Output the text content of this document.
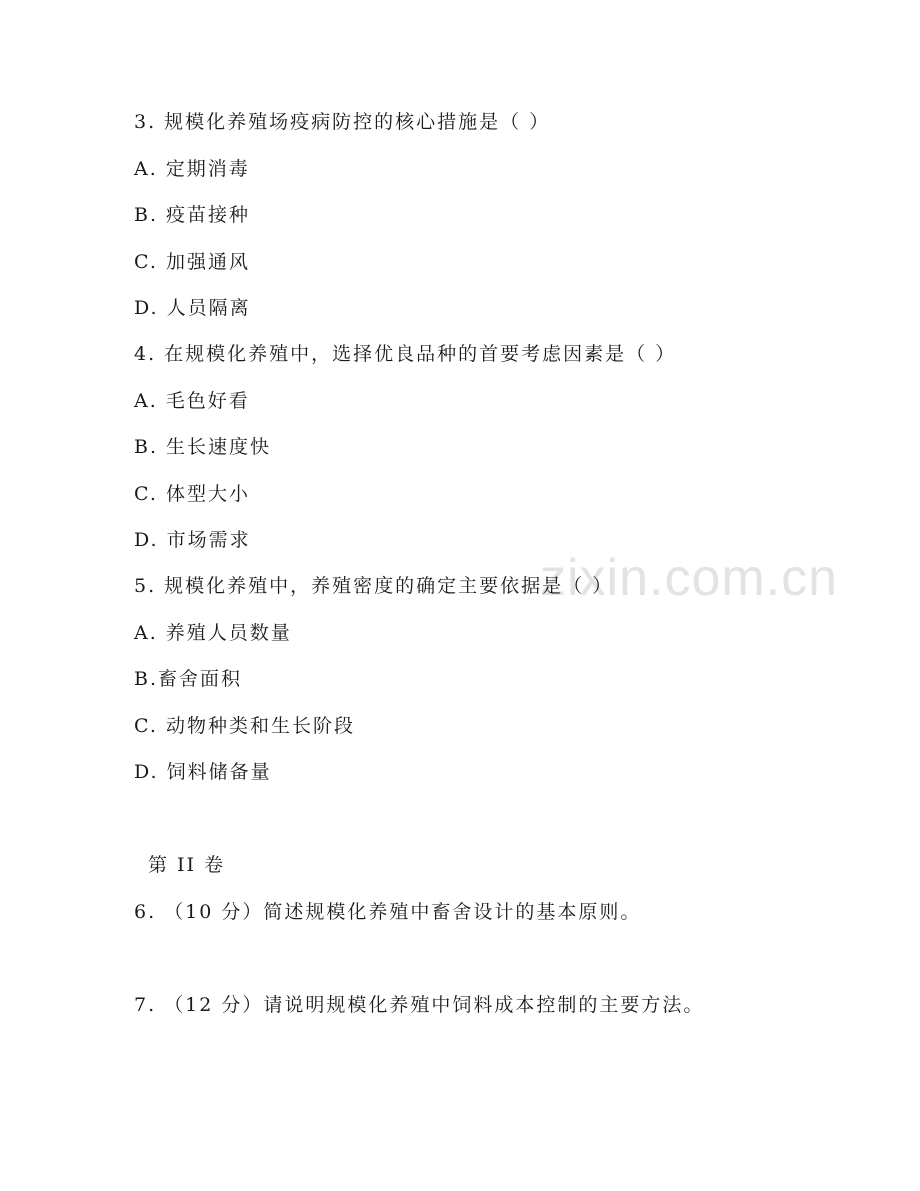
zixin.com.cn
3. 规模化养殖场疫病防控的核心措施是（ ）
A. 定期消毒
B. 疫苗接种
C. 加强通风
D. 人员隔离
4. 在规模化养殖中，选择优良品种的首要考虑因素是（ ）
A. 毛色好看
B. 生长速度快
C. 体型大小
D. 市场需求
5. 规模化养殖中，养殖密度的确定主要依据是（ ）
A. 养殖人员数量
B.畜舍面积
C. 动物种类和生长阶段
D. 饲料储备量
第 II 卷
6. （10 分）简述规模化养殖中畜舍设计的基本原则。
7. （12 分）请说明规模化养殖中饲料成本控制的主要方法。
